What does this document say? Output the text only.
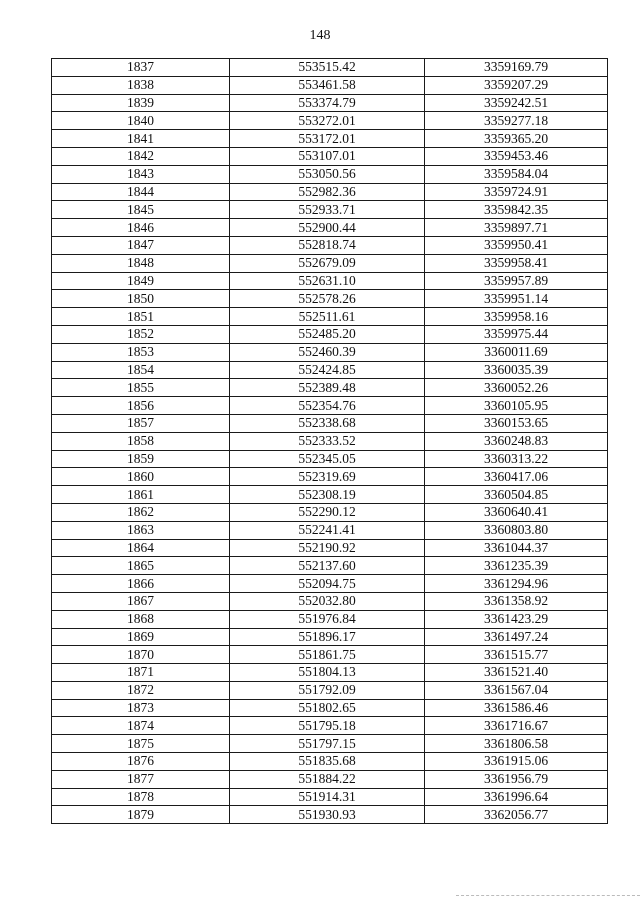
148
1837	553515.42	3359169.79
1838	553461.58	3359207.29
1839	553374.79	3359242.51
1840	553272.01	3359277.18
1841	553172.01	3359365.20
1842	553107.01	3359453.46
1843	553050.56	3359584.04
1844	552982.36	3359724.91
1845	552933.71	3359842.35
1846	552900.44	3359897.71
1847	552818.74	3359950.41
1848	552679.09	3359958.41
1849	552631.10	3359957.89
1850	552578.26	3359951.14
1851	552511.61	3359958.16
1852	552485.20	3359975.44
1853	552460.39	3360011.69
1854	552424.85	3360035.39
1855	552389.48	3360052.26
1856	552354.76	3360105.95
1857	552338.68	3360153.65
1858	552333.52	3360248.83
1859	552345.05	3360313.22
1860	552319.69	3360417.06
1861	552308.19	3360504.85
1862	552290.12	3360640.41
1863	552241.41	3360803.80
1864	552190.92	3361044.37
1865	552137.60	3361235.39
1866	552094.75	3361294.96
1867	552032.80	3361358.92
1868	551976.84	3361423.29
1869	551896.17	3361497.24
1870	551861.75	3361515.77
1871	551804.13	3361521.40
1872	551792.09	3361567.04
1873	551802.65	3361586.46
1874	551795.18	3361716.67
1875	551797.15	3361806.58
1876	551835.68	3361915.06
1877	551884.22	3361956.79
1878	551914.31	3361996.64
1879	551930.93	3362056.77
